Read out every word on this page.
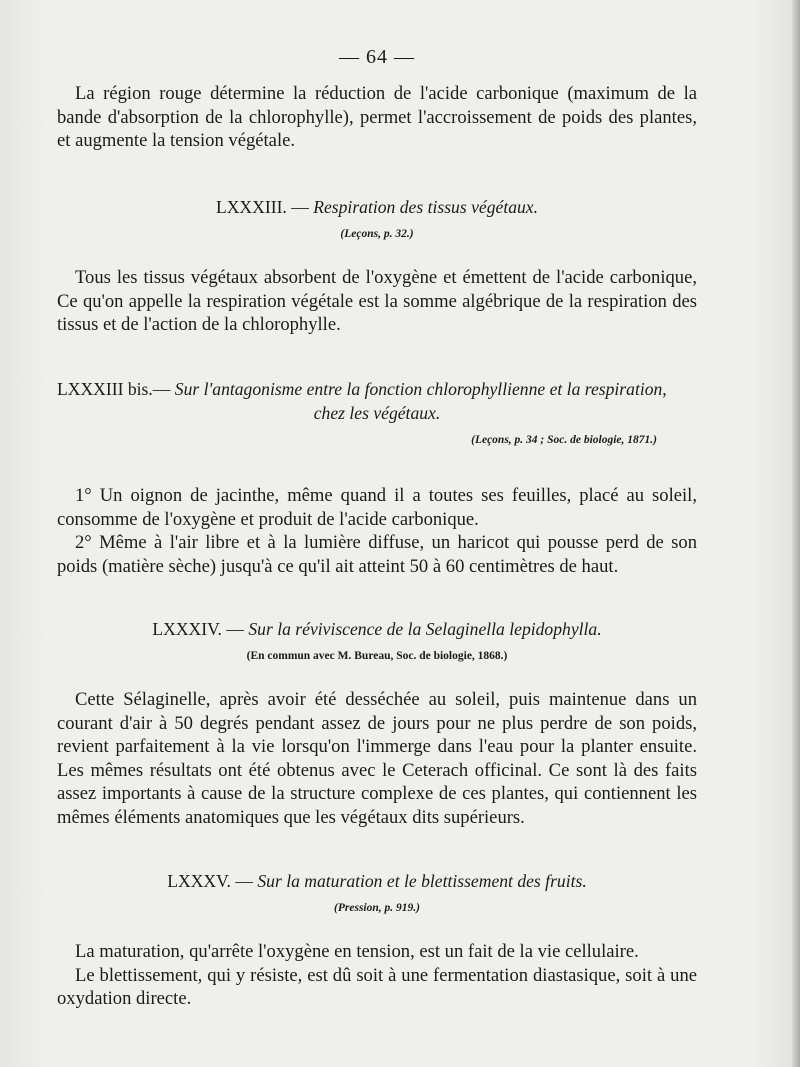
— 64 —

La région rouge détermine la réduction de l'acide carbonique (maximum de la bande d'absorption de la chlorophylle), permet l'accroissement de poids des plantes, et augmente la tension végétale.

LXXXIII. — Respiration des tissus végétaux.
(Leçons, p. 32.)

Tous les tissus végétaux absorbent de l'oxygène et émettent de l'acide carbonique, Ce qu'on appelle la respiration végétale est la somme algébrique de la respiration des tissus et de l'action de la chlorophylle.

LXXXIII bis.— Sur l'antagonisme entre la fonction chlorophyllienne et la respiration,
chez les végétaux.
(Leçons, p. 34 ; Soc. de biologie, 1871.)

1° Un oignon de jacinthe, même quand il a toutes ses feuilles, placé au soleil, consomme de l'oxygène et produit de l'acide carbonique.

2° Même à l'air libre et à la lumière diffuse, un haricot qui pousse perd de son poids (matière sèche) jusqu'à ce qu'il ait atteint 50 à 60 centimètres de haut.

LXXXIV. — Sur la réviviscence de la Selaginella lepidophylla.
(En commun avec M. Bureau, Soc. de biologie, 1868.)

Cette Sélaginelle, après avoir été desséchée au soleil, puis maintenue dans un courant d'air à 50 degrés pendant assez de jours pour ne plus perdre de son poids, revient parfaitement à la vie lorsqu'on l'immerge dans l'eau pour la planter ensuite. Les mêmes résultats ont été obtenus avec le Ceterach officinal. Ce sont là des faits assez importants à cause de la structure complexe de ces plantes, qui contiennent les mêmes éléments anatomiques que les végétaux dits supérieurs.

LXXXV. — Sur la maturation et le blettissement des fruits.
(Pression, p. 919.)

La maturation, qu'arrête l'oxygène en tension, est un fait de la vie cellulaire.

Le blettissement, qui y résiste, est dû soit à une fermentation diastasique, soit à une oxydation directe.
